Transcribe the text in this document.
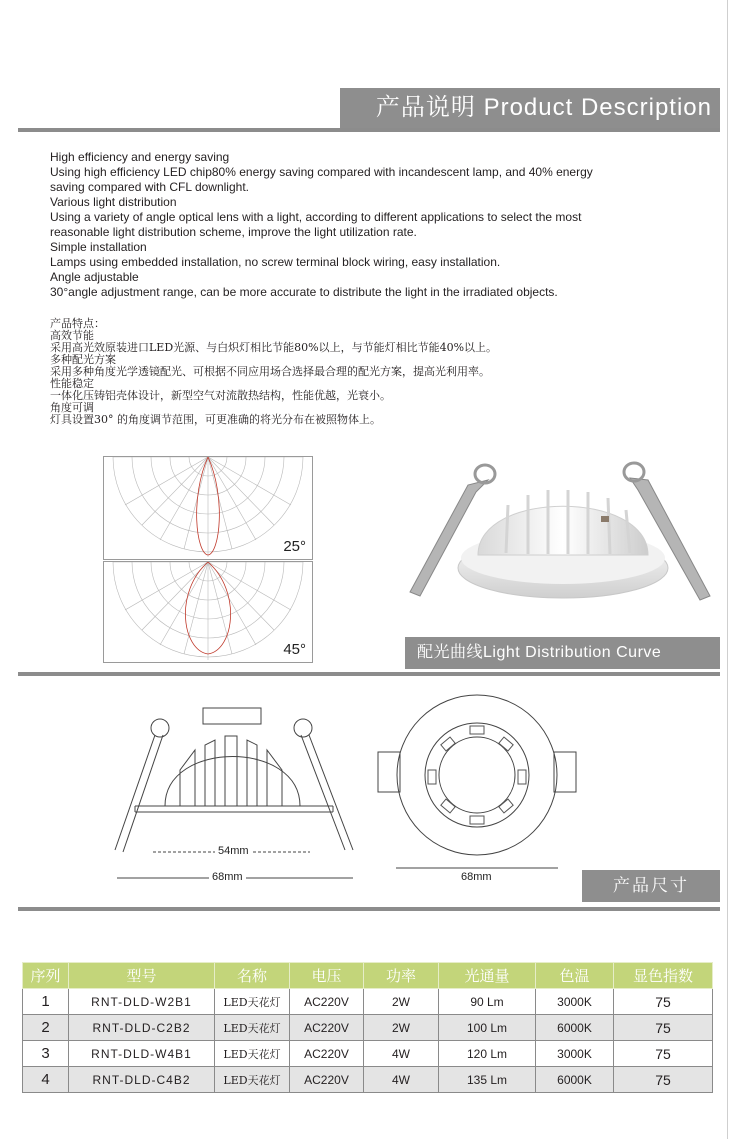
产品说明 Product Description

High efficiency and energy saving

Using high efficiency LED chip80% energy saving compared with incandescent lamp, and 40% energy

saving compared with CFL downlight.

Various light distribution

Using a variety of angle optical lens with a light, according to different applications to select the most

reasonable light distribution scheme, improve the light utilization rate.

Simple installation

Lamps using embedded installation, no screw terminal block wiring, easy installation.

Angle adjustable

30°angle adjustment range, can be more accurate to distribute the light in the irradiated objects.

产品特点：

高效节能

采用高光效原装进口LED光源、与白炽灯相比节能80%以上，与节能灯相比节能40%以上。

多种配光方案

采用多种角度光学透镜配光、可根据不同应用场合选择最合理的配光方案，提高光利用率。

性能稳定

一体化压铸铝壳体设计，新型空气对流散热结构，性能优越，光衰小。

角度可调

灯具设置30° 的角度调节范围，可更准确的将光分布在被照物体上。

25°
45°	配光曲线Light Distribution Curve
54mm
68mm	68mm	产品尺寸
序列	型号	名称	电压	功率	光通量	色温	显色指数
1	RNT-DLD-W2B1	LED天花灯	AC220V	2W	90 Lm	3000K	75
2	RNT-DLD-C2B2	LED天花灯	AC220V	2W	100 Lm	6000K	75
3	RNT-DLD-W4B1	LED天花灯	AC220V	4W	120 Lm	3000K	75
4	RNT-DLD-C4B2	LED天花灯	AC220V	4W	135 Lm	6000K	75
